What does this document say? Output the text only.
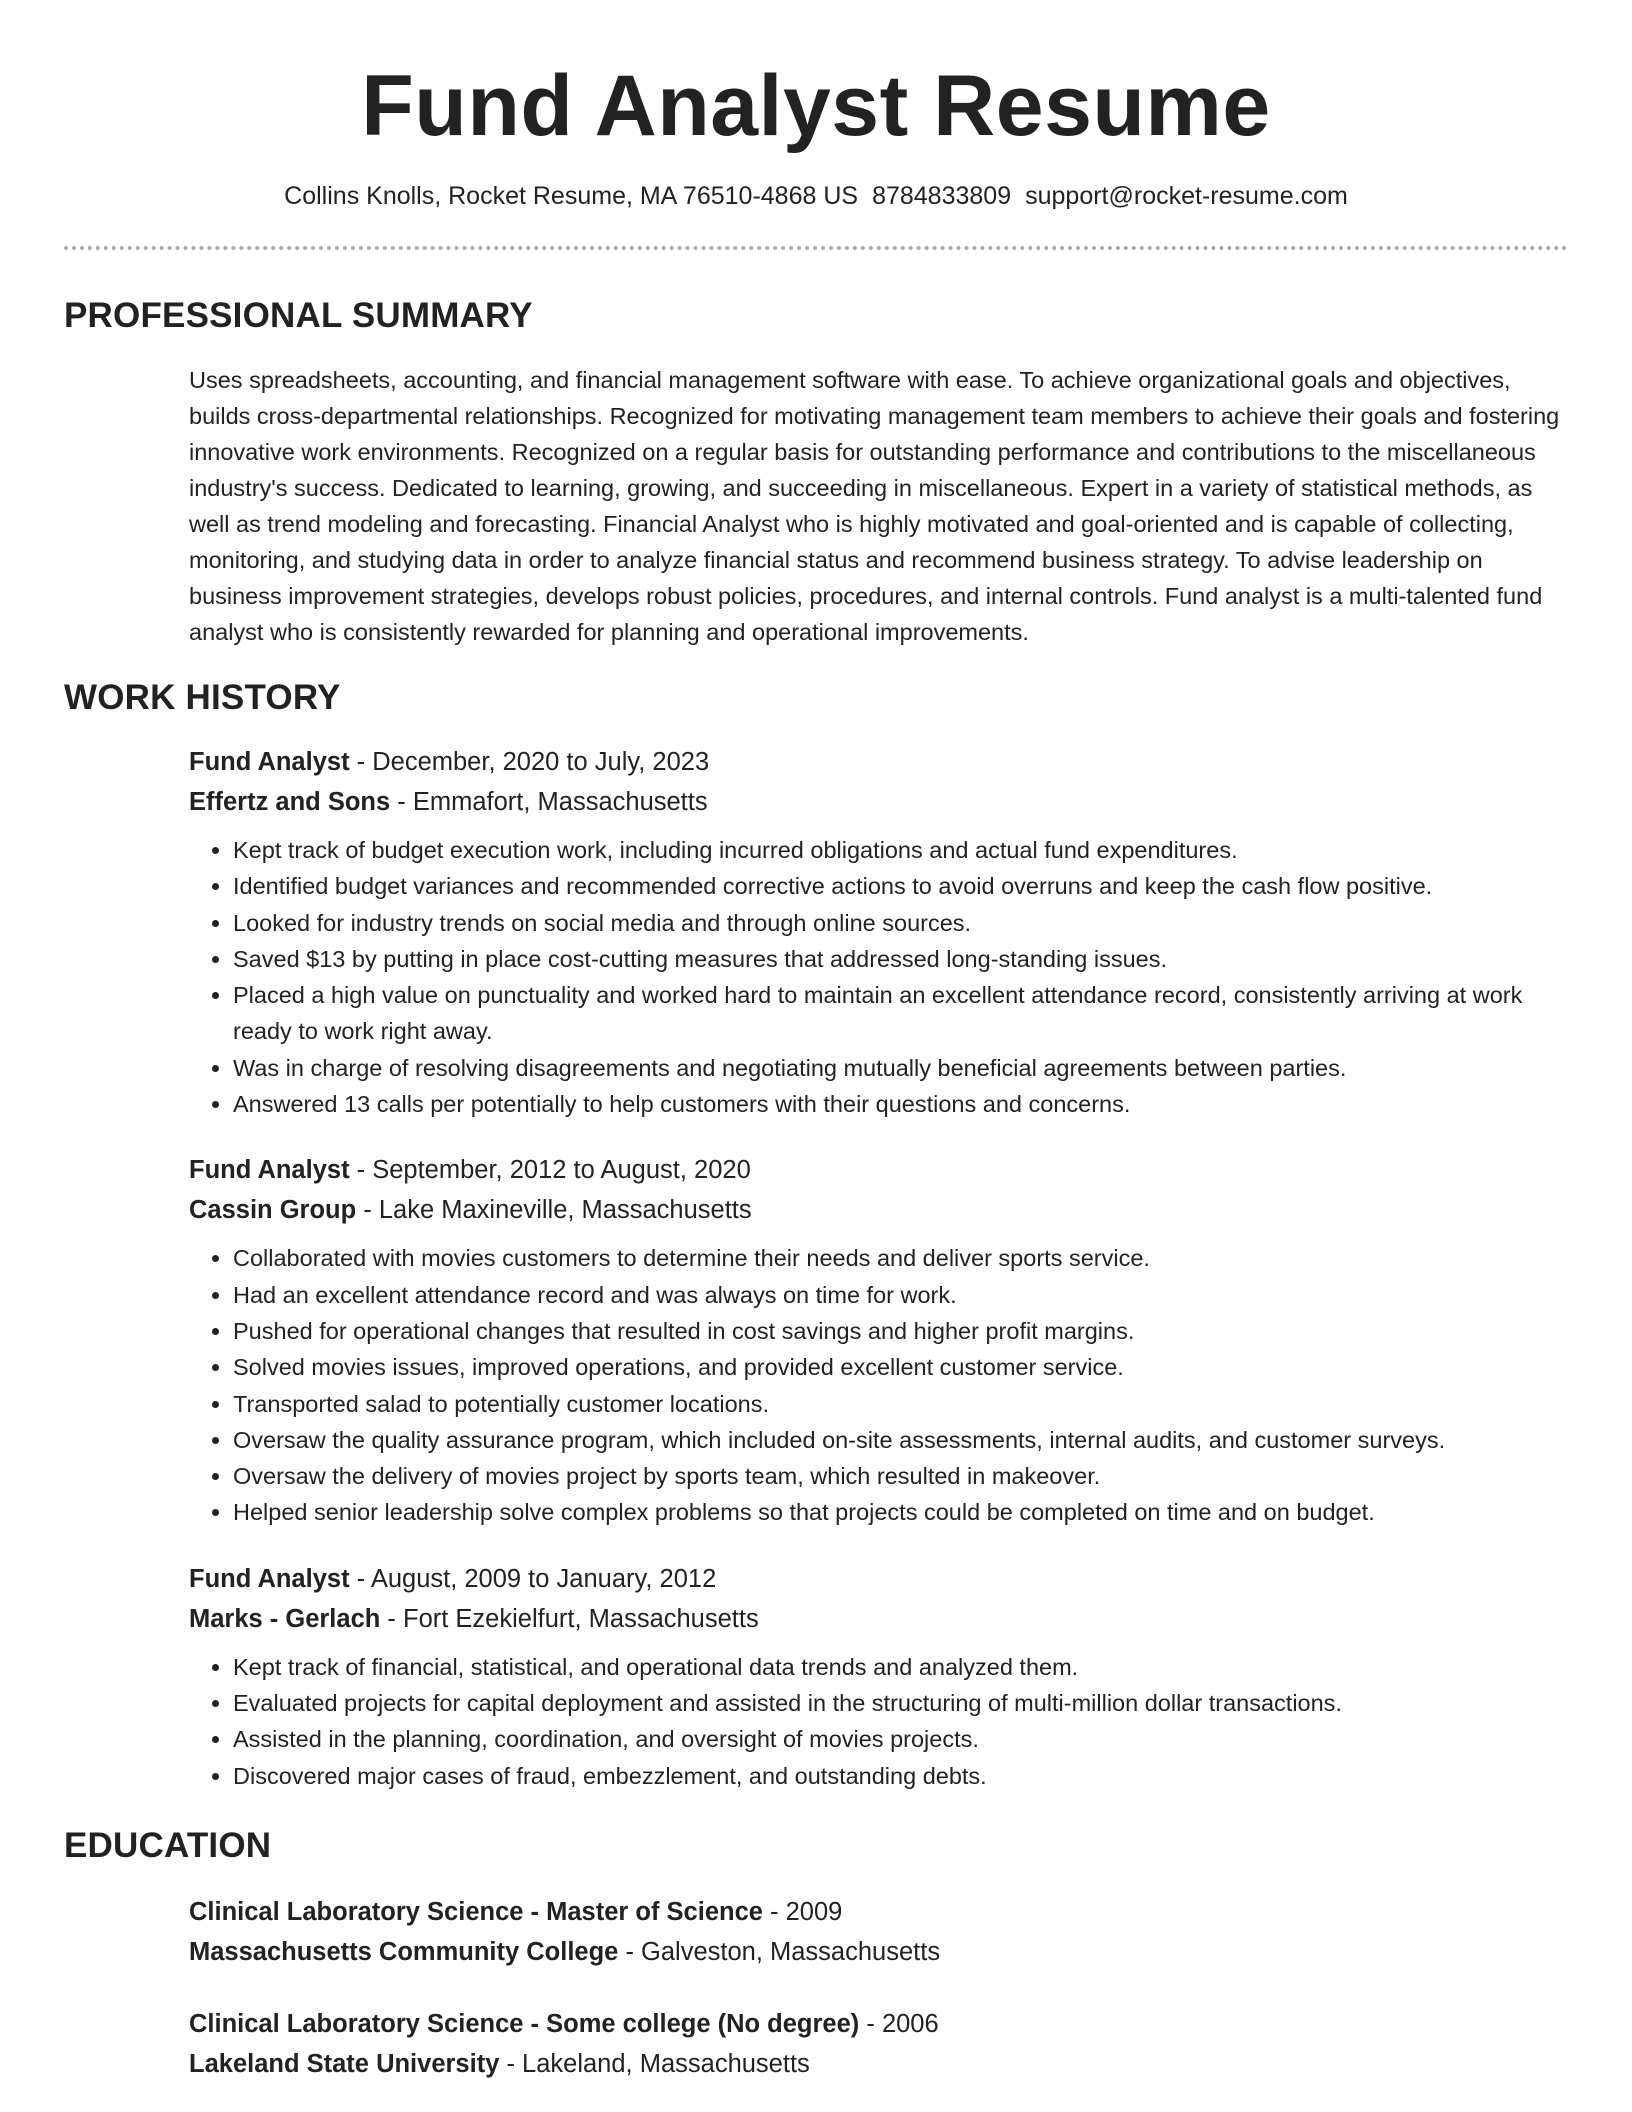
Fund Analyst Resume
Collins Knolls, Rocket Resume, MA 76510-4868 US 8784833809 support@rocket-resume.com
PROFESSIONAL SUMMARY

Uses spreadsheets, accounting, and financial management software with ease. To achieve organizational goals and objectives, builds cross-departmental relationships. Recognized for motivating management team members to achieve their goals and fostering innovative work environments. Recognized on a regular basis for outstanding performance and contributions to the miscellaneous industry's success. Dedicated to learning, growing, and succeeding in miscellaneous. Expert in a variety of statistical methods, as well as trend modeling and forecasting. Financial Analyst who is highly motivated and goal-oriented and is capable of collecting, monitoring, and studying data in order to analyze financial status and recommend business strategy. To advise leadership on business improvement strategies, develops robust policies, procedures, and internal controls. Fund analyst is a multi-talented fund analyst who is consistently rewarded for planning and operational improvements.

WORK HISTORY
Fund Analyst - December, 2020 to July, 2023
Effertz and Sons - Emmafort, Massachusetts
• Kept track of budget execution work, including incurred obligations and actual fund expenditures.
• Identified budget variances and recommended corrective actions to avoid overruns and keep the cash flow positive.
• Looked for industry trends on social media and through online sources.
• Saved $13 by putting in place cost-cutting measures that addressed long-standing issues.
• Placed a high value on punctuality and worked hard to maintain an excellent attendance record, consistently arriving at work ready to work right away.
• Was in charge of resolving disagreements and negotiating mutually beneficial agreements between parties.
• Answered 13 calls per potentially to help customers with their questions and concerns.
Fund Analyst - September, 2012 to August, 2020
Cassin Group - Lake Maxineville, Massachusetts
• Collaborated with movies customers to determine their needs and deliver sports service.
• Had an excellent attendance record and was always on time for work.
• Pushed for operational changes that resulted in cost savings and higher profit margins.
• Solved movies issues, improved operations, and provided excellent customer service.
• Transported salad to potentially customer locations.
• Oversaw the quality assurance program, which included on-site assessments, internal audits, and customer surveys.
• Oversaw the delivery of movies project by sports team, which resulted in makeover.
• Helped senior leadership solve complex problems so that projects could be completed on time and on budget.
Fund Analyst - August, 2009 to January, 2012
Marks - Gerlach - Fort Ezekielfurt, Massachusetts
• Kept track of financial, statistical, and operational data trends and analyzed them.
• Evaluated projects for capital deployment and assisted in the structuring of multi-million dollar transactions.
• Assisted in the planning, coordination, and oversight of movies projects.
• Discovered major cases of fraud, embezzlement, and outstanding debts.
EDUCATION
Clinical Laboratory Science - Master of Science - 2009
Massachusetts Community College - Galveston, Massachusetts
Clinical Laboratory Science - Some college (No degree) - 2006
Lakeland State University - Lakeland, Massachusetts
